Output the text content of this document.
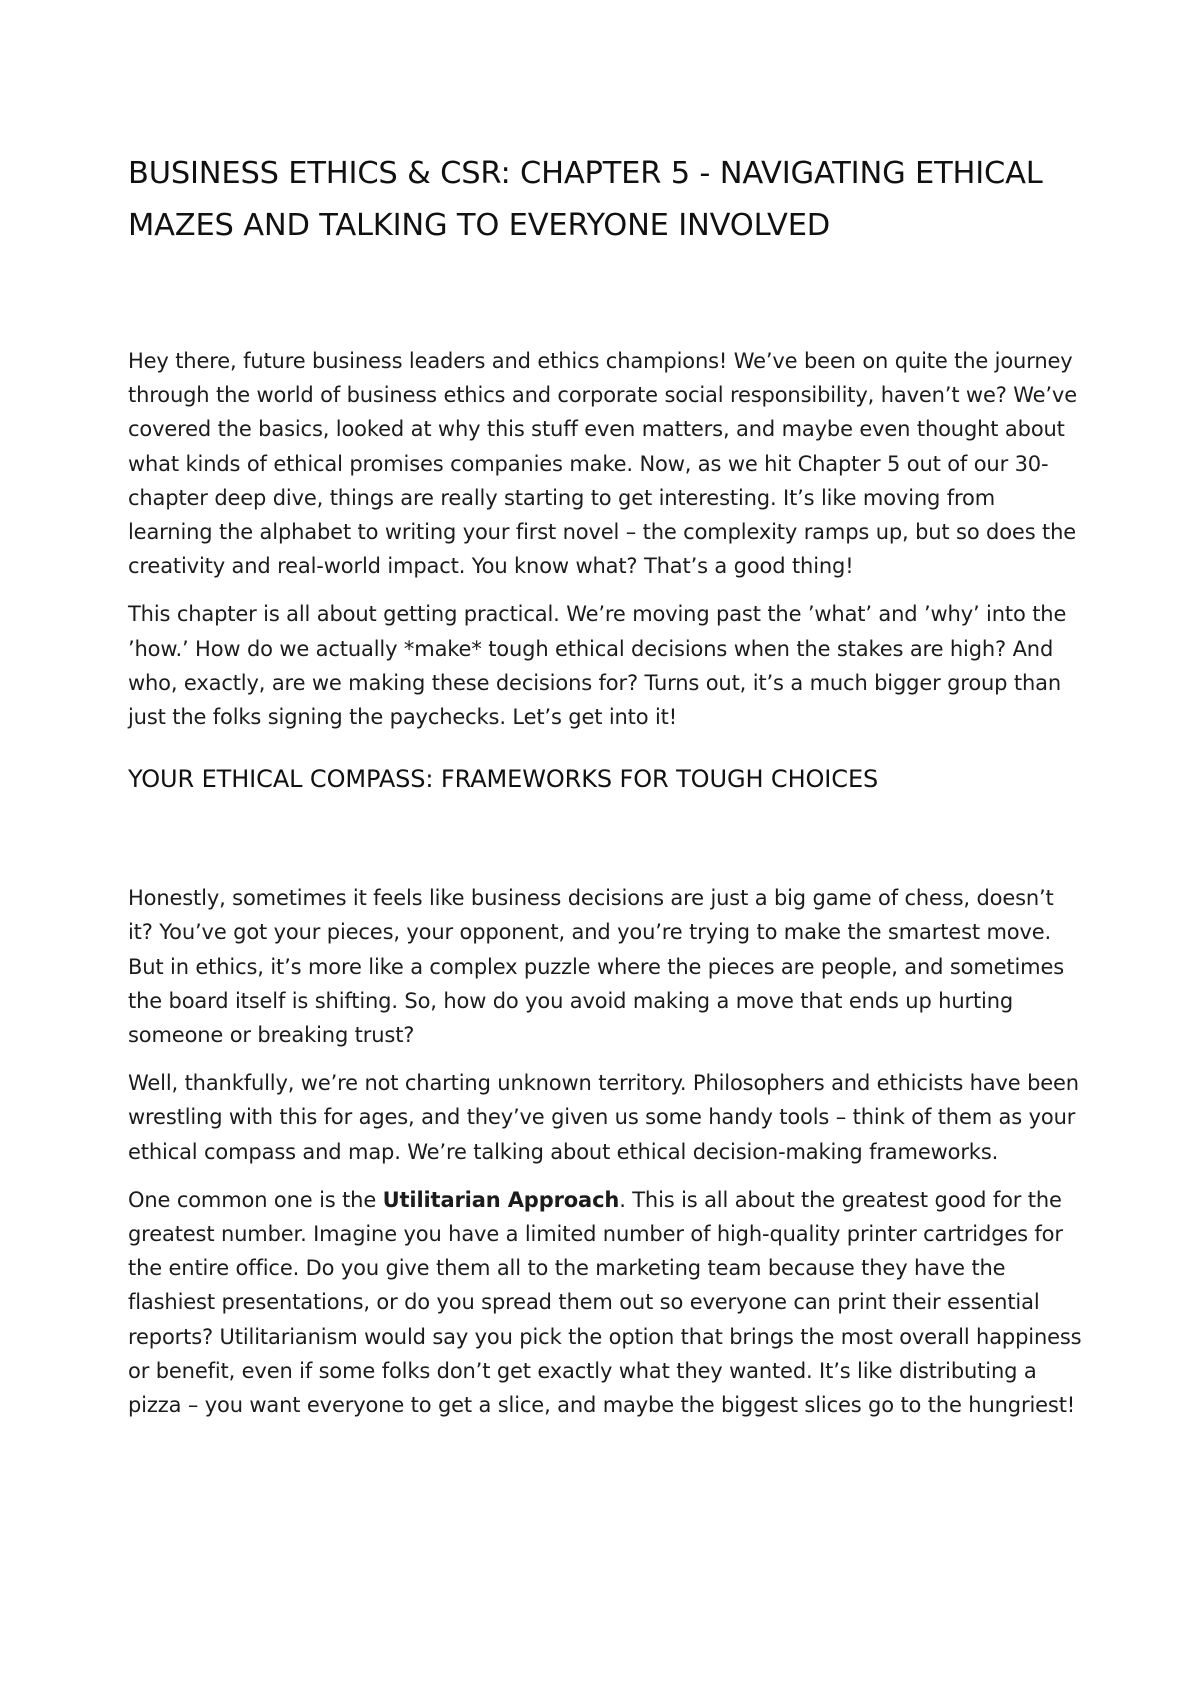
BUSINESS ETHICS & CSR: CHAPTER 5 - NAVIGATING ETHICAL MAZES AND TALKING TO EVERYONE INVOLVED

Hey there, future business leaders and ethics champions! We’ve been on quite the journey through the world of business ethics and corporate social responsibility, haven’t we? We’ve covered the basics, looked at why this stuff even matters, and maybe even thought about what kinds of ethical promises companies make. Now, as we hit Chapter 5 out of our 30-chapter deep dive, things are really starting to get interesting. It’s like moving from learning the alphabet to writing your first novel – the complexity ramps up, but so does the creativity and real-world impact. You know what? That’s a good thing!

This chapter is all about getting practical. We’re moving past the ’what’ and ’why’ into the ’how.’ How do we actually *make* tough ethical decisions when the stakes are high? And who, exactly, are we making these decisions for? Turns out, it’s a much bigger group than just the folks signing the paychecks. Let’s get into it!

YOUR ETHICAL COMPASS: FRAMEWORKS FOR TOUGH CHOICES

Honestly, sometimes it feels like business decisions are just a big game of chess, doesn’t it? You’ve got your pieces, your opponent, and you’re trying to make the smartest move. But in ethics, it’s more like a complex puzzle where the pieces are people, and sometimes the board itself is shifting. So, how do you avoid making a move that ends up hurting someone or breaking trust?

Well, thankfully, we’re not charting unknown territory. Philosophers and ethicists have been wrestling with this for ages, and they’ve given us some handy tools – think of them as your ethical compass and map. We’re talking about ethical decision-making frameworks.

One common one is the Utilitarian Approach. This is all about the greatest good for the greatest number. Imagine you have a limited number of high-quality printer cartridges for the entire office. Do you give them all to the marketing team because they have the flashiest presentations, or do you spread them out so everyone can print their essential reports? Utilitarianism would say you pick the option that brings the most overall happiness or benefit, even if some folks don’t get exactly what they wanted. It’s like distributing a pizza – you want everyone to get a slice, and maybe the biggest slices go to the hungriest!
